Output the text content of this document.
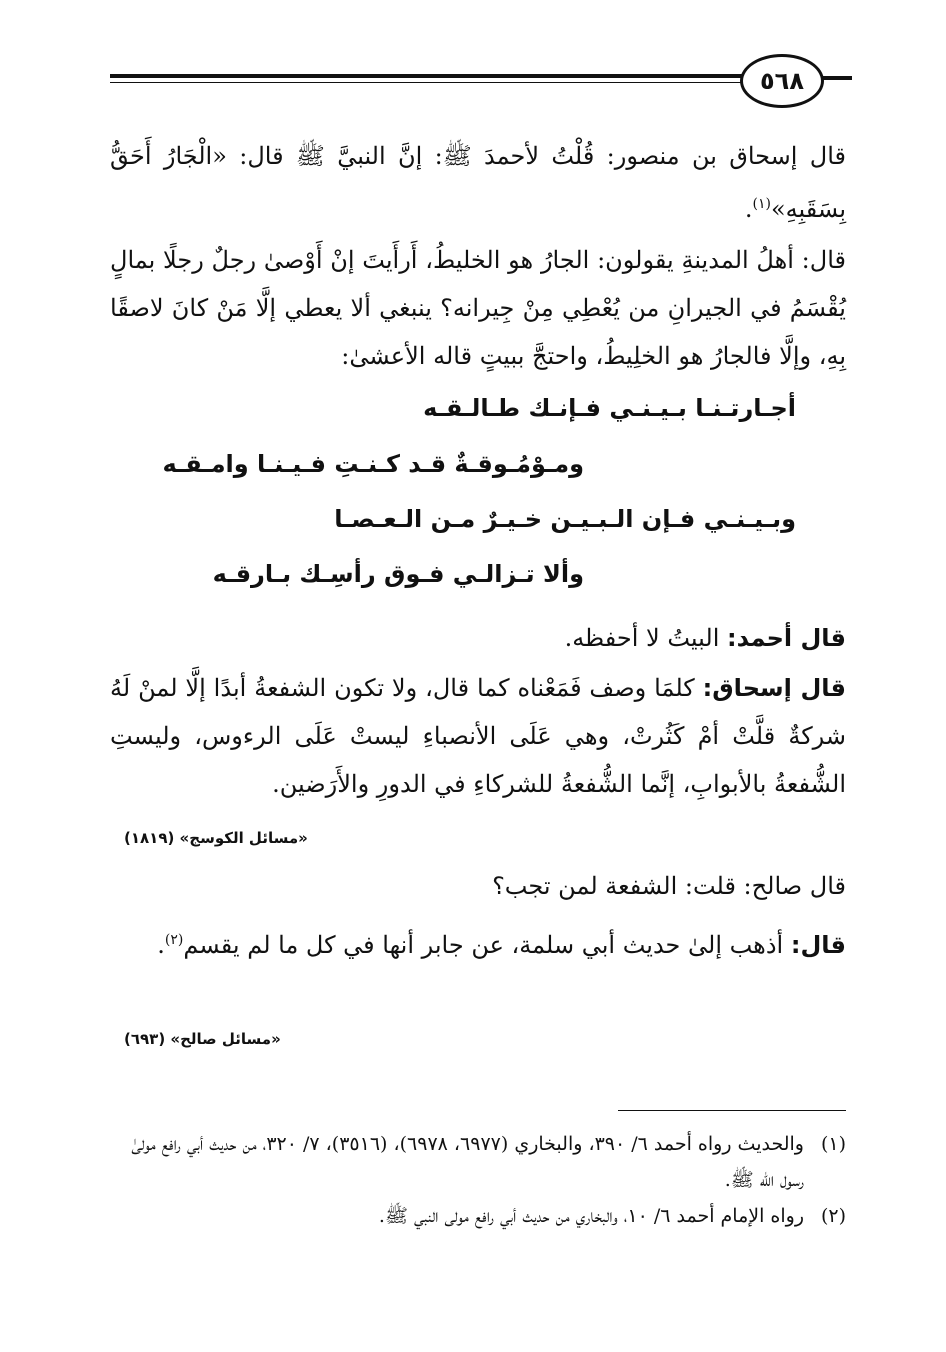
٥٦٨
قال إسحاق بن منصور: قُلْتُ لأحمدَ ﷺ: إنَّ النبيَّ ﷺ قال: «الْجَارُ أَحَقُّ بِسَقَبِهِ»$^{(١)}$.
قال: أهلُ المدينةِ يقولون: الجارُ هو الخليطُ، أَرأَيتَ إنْ أَوْصىٰ رجلٌ رجلًا بمالٍ يُقْسَمُ في الجيرانِ من يُعْطِي مِنْ جِيرانه؟ ينبغي ألا يعطي إلَّا مَنْ كانَ لاصقًا بِهِ، وإلَّا فالجارُ هو الخلِيطُ، واحتجَّ ببيتٍ قاله الأعشىٰ:
أجـارتـنـا بـيـنـي فـإنـك طـالـقـه
ومـوْمُـوقـةٌ قـد كـنـتِ فـيـنـا وامـقـه
وبـيـنـي فـإن الـبـيـن خـيـرٌ مـن الـعـصـا
وألا تـزالـي فـوق رأسِـك بـارقـه
قال أحمد: البيتُ لا أحفظه.
قال إسحاق: كلمَا وصف فَمَعْناه كما قال، ولا تكون الشفعةُ أبدًا إلَّا لمنْ لَهُ شركةٌ قلَّتْ أمْ كَثُرتْ، وهي عَلَى الأنصباءِ ليستْ عَلَى الرءوس، وليستِ الشُّفعةُ بالأبوابِ، إنَّما الشُّفعةُ للشركاءِ في الدورِ والأَرَضين.
«مسائل الكوسج» (١٨١٩)
قال صالح: قلت: الشفعة لمن تجب؟
قال: أذهب إلىٰ حديث أبي سلمة، عن جابر أنها في كل ما لم يقسم$^{(٢)}$.
«مسائل صالح» (٦٩٣)
(١)
والحديث رواه أحمد ٦/ ٣٩٠، والبخاري (٦٩٧٧، ٦٩٧٨)، (٣٥١٦)، ٧/ ٣٢٠، من حديث أبي رافع مولىٰ رسول الله ﷺ.
(٢)
رواه الإمام أحمد ٦/ ١٠، والبخاري من حديث أبي رافع مولى النبي ﷺ.
